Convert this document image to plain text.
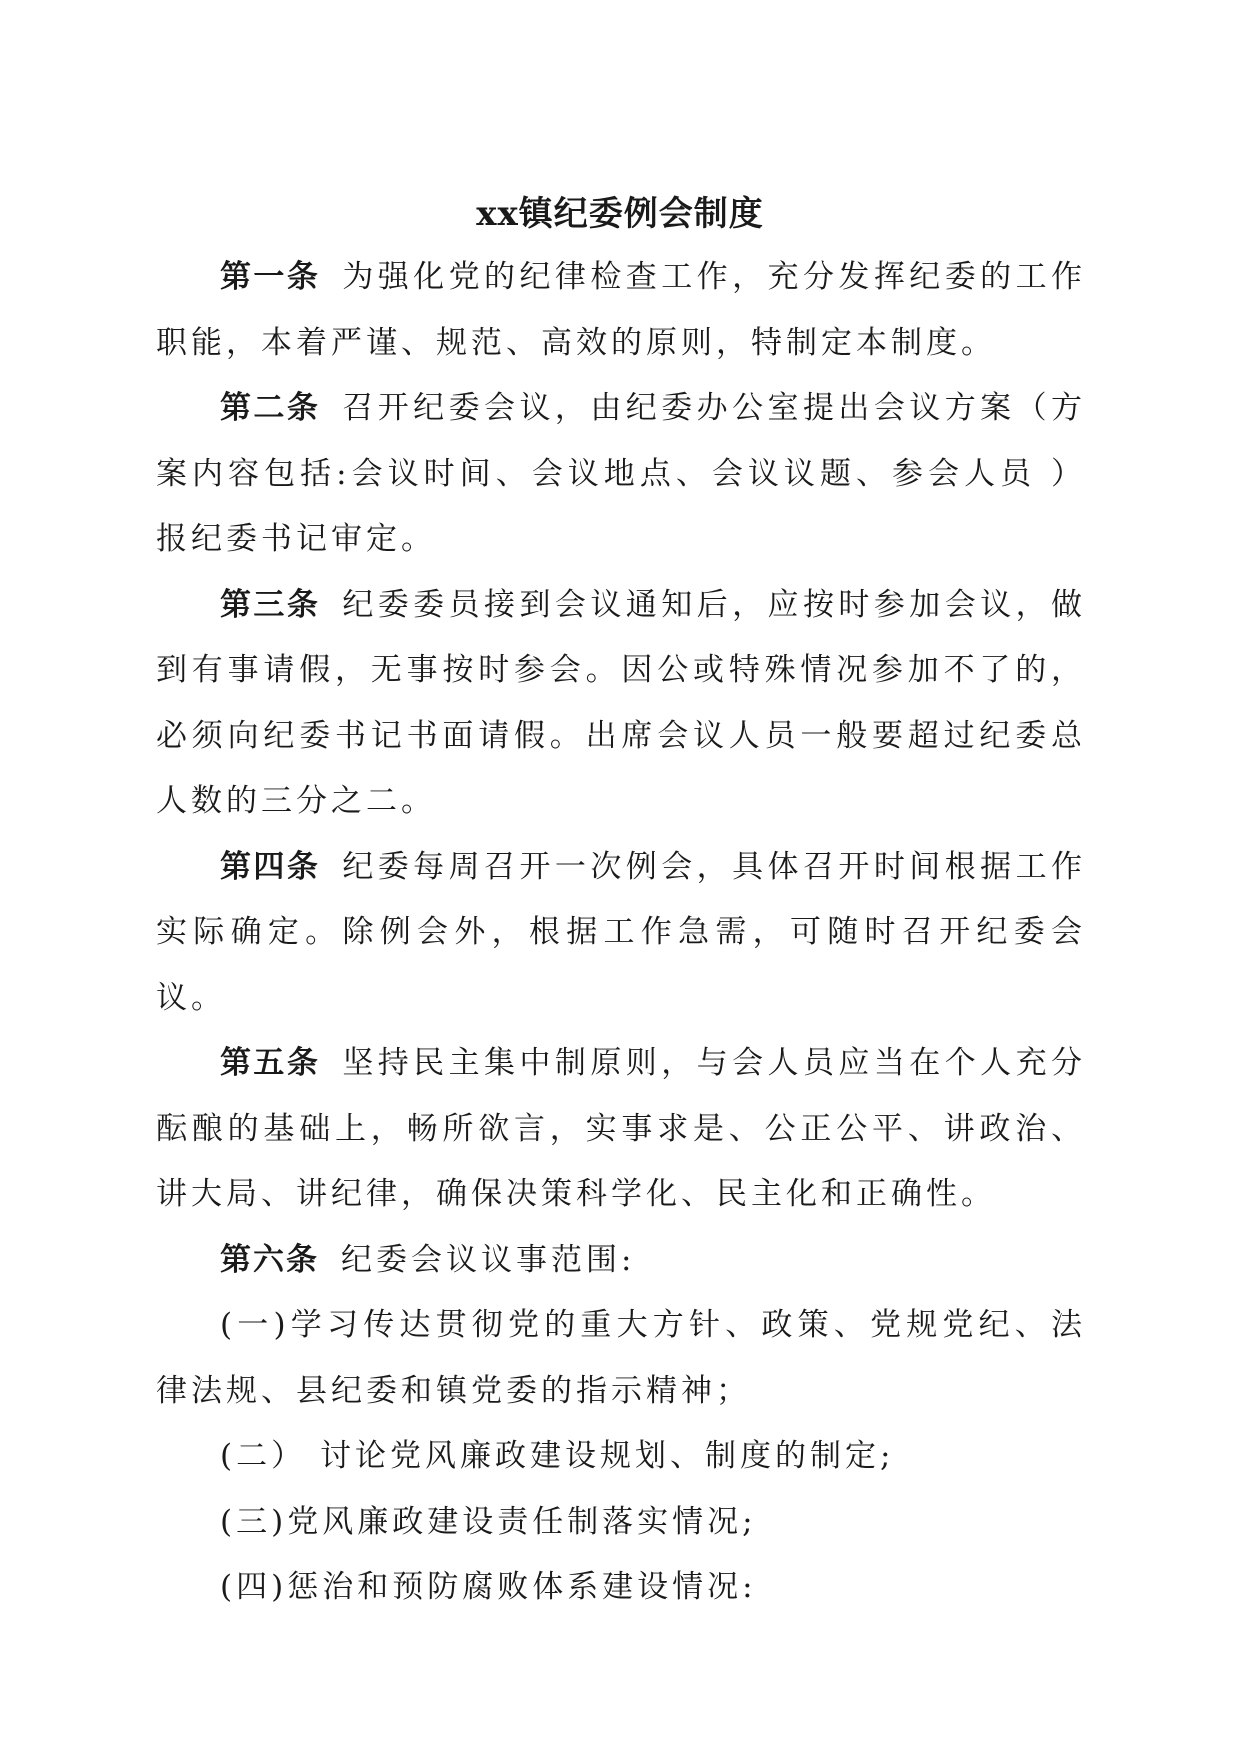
xx镇纪委例会制度

第一条 为强化党的纪律检查工作，充分发挥纪委的工作职能，本着严谨、规范、高效的原则，特制定本制度。

第二条 召开纪委会议，由纪委办公室提出会议方案（方案内容包括:会议时间、会议地点、会议议题、参会人员 ）报纪委书记审定。

第三条 纪委委员接到会议通知后，应按时参加会议，做到有事请假，无事按时参会。因公或特殊情况参加不了的，必须向纪委书记书面请假。出席会议人员一般要超过纪委总人数的三分之二。

第四条 纪委每周召开一次例会，具体召开时间根据工作实际确定。除例会外，根据工作急需，可随时召开纪委会议。

第五条 坚持民主集中制原则，与会人员应当在个人充分酝酿的基础上，畅所欲言，实事求是、公正公平、讲政治、讲大局、讲纪律，确保决策科学化、民主化和正确性。

第六条 纪委会议议事范围:

(一)学习传达贯彻党的重大方针、政策、党规党纪、法律法规、县纪委和镇党委的指示精神；

(二） 讨论党风廉政建设规划、制度的制定;

(三)党风廉政建设责任制落实情况;

(四)惩治和预防腐败体系建设情况:
